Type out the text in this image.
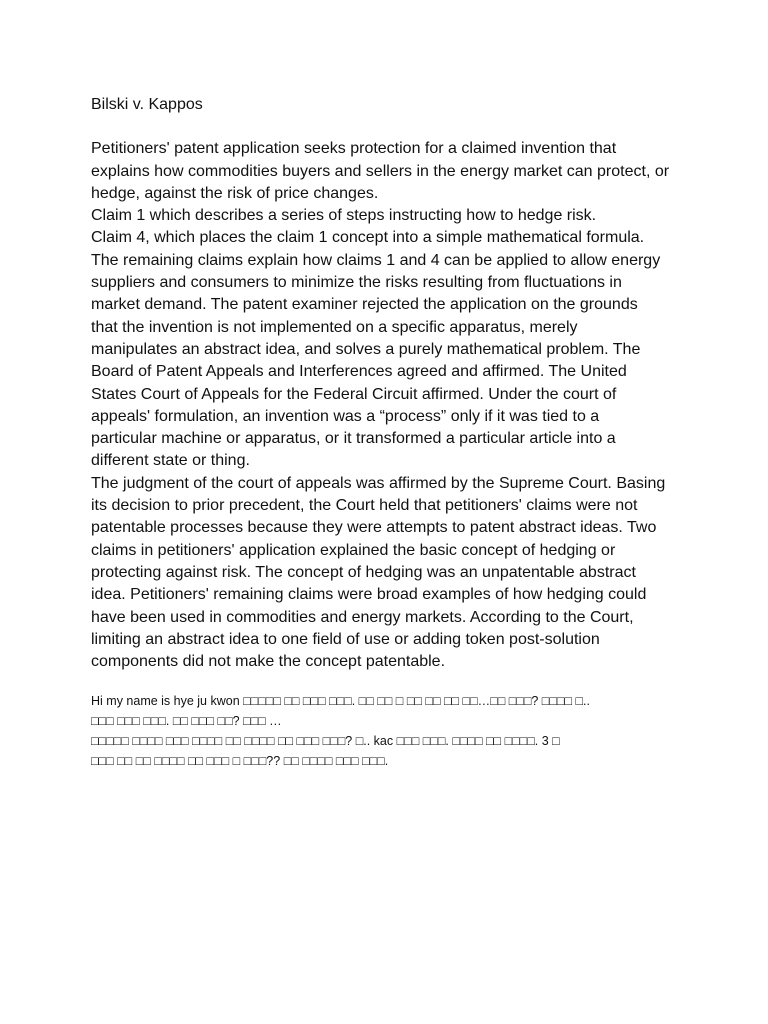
Bilski v. Kappos
Petitioners' patent application seeks protection for a claimed invention that
explains how commodities buyers and sellers in the energy market can protect, or
hedge, against the risk of price changes.
Claim 1 which describes a series of steps instructing how to hedge risk.
Claim 4, which places the claim 1 concept into a simple mathematical formula.
The remaining claims explain how claims 1 and 4 can be applied to allow energy
suppliers and consumers to minimize the risks resulting from fluctuations in
market demand. The patent examiner rejected the application on the grounds
that the invention is not implemented on a specific apparatus, merely
manipulates an abstract idea, and solves a purely mathematical problem. The
Board of Patent Appeals and Interferences agreed and affirmed. The United
States Court of Appeals for the Federal Circuit affirmed. Under the court of
appeals' formulation, an invention was a “process” only if it was tied to a
particular machine or apparatus, or it transformed a particular article into a
different state or thing.
The judgment of the court of appeals was affirmed by the Supreme Court. Basing
its decision to prior precedent, the Court held that petitioners' claims were not
patentable processes because they were attempts to patent abstract ideas. Two
claims in petitioners' application explained the basic concept of hedging or
protecting against risk. The concept of hedging was an unpatentable abstract
idea. Petitioners' remaining claims were broad examples of how hedging could
have been used in commodities and energy markets. According to the Court,
limiting an abstract idea to one field of use or adding token post-solution
components did not make the concept patentable.
Hi my name is hye ju kwon □□□□□ □□ □□□ □□□. □□ □□ □ □□ □□ □□ □□…□□ □□□? □□□□ □..
□□□ □□□ □□□. □□ □□□ □□? □□□ …
□□□□□ □□□□ □□□ □□□□ □□ □□□□ □□ □□□ □□□? □.. kac □□□ □□□. □□□□ □□ □□□□. 3 □
□□□ □□ □□ □□□□ □□ □□□ □ □□□?? □□ □□□□ □□□ □□□.
